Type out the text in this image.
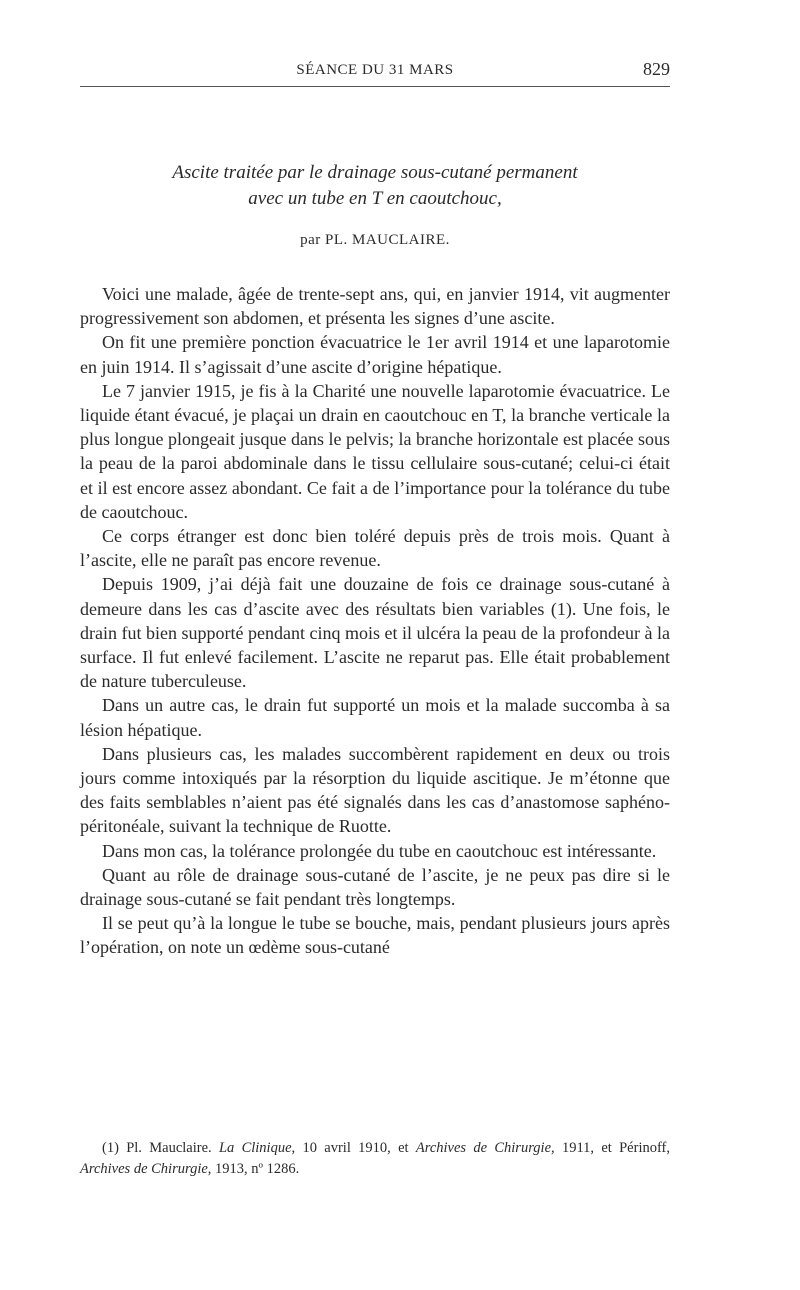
SÉANCE DU 31 MARS	829
Ascite traitée par le drainage sous-cutané permanent
avec un tube en T en caoutchouc,
par PL. MAUCLAIRE.

Voici une malade, âgée de trente-sept ans, qui, en janvier 1914, vit augmenter progressivement son abdomen, et présenta les signes d’une ascite.

On fit une première ponction évacuatrice le 1er avril 1914 et une laparotomie en juin 1914. Il s’agissait d’une ascite d’origine hépatique.

Le 7 janvier 1915, je fis à la Charité une nouvelle laparotomie évacuatrice. Le liquide étant évacué, je plaçai un drain en caoutchouc en T, la branche verticale la plus longue plongeait jusque dans le pelvis; la branche horizontale est placée sous la peau de la paroi abdominale dans le tissu cellulaire sous-cutané; celui-ci était et il est encore assez abondant. Ce fait a de l’importance pour la tolérance du tube de caoutchouc.

Ce corps étranger est donc bien toléré depuis près de trois mois. Quant à l’ascite, elle ne paraît pas encore revenue.

Depuis 1909, j’ai déjà fait une douzaine de fois ce drainage sous-cutané à demeure dans les cas d’ascite avec des résultats bien variables (1). Une fois, le drain fut bien supporté pendant cinq mois et il ulcéra la peau de la profondeur à la surface. Il fut enlevé facilement. L’ascite ne reparut pas. Elle était probablement de nature tuberculeuse.

Dans un autre cas, le drain fut supporté un mois et la malade succomba à sa lésion hépatique.

Dans plusieurs cas, les malades succombèrent rapidement en deux ou trois jours comme intoxiqués par la résorption du liquide ascitique. Je m’étonne que des faits semblables n’aient pas été signalés dans les cas d’anastomose saphéno-péritonéale, suivant la technique de Ruotte.

Dans mon cas, la tolérance prolongée du tube en caoutchouc est intéressante.

Quant au rôle de drainage sous-cutané de l’ascite, je ne peux pas dire si le drainage sous-cutané se fait pendant très longtemps.

Il se peut qu’à la longue le tube se bouche, mais, pendant plusieurs jours après l’opération, on note un œdème sous-cutané

(1) Pl. Mauclaire. La Clinique, 10 avril 1910, et Archives de Chirurgie, 1911, et Périnoff, Archives de Chirurgie, 1913, nº 1286.
